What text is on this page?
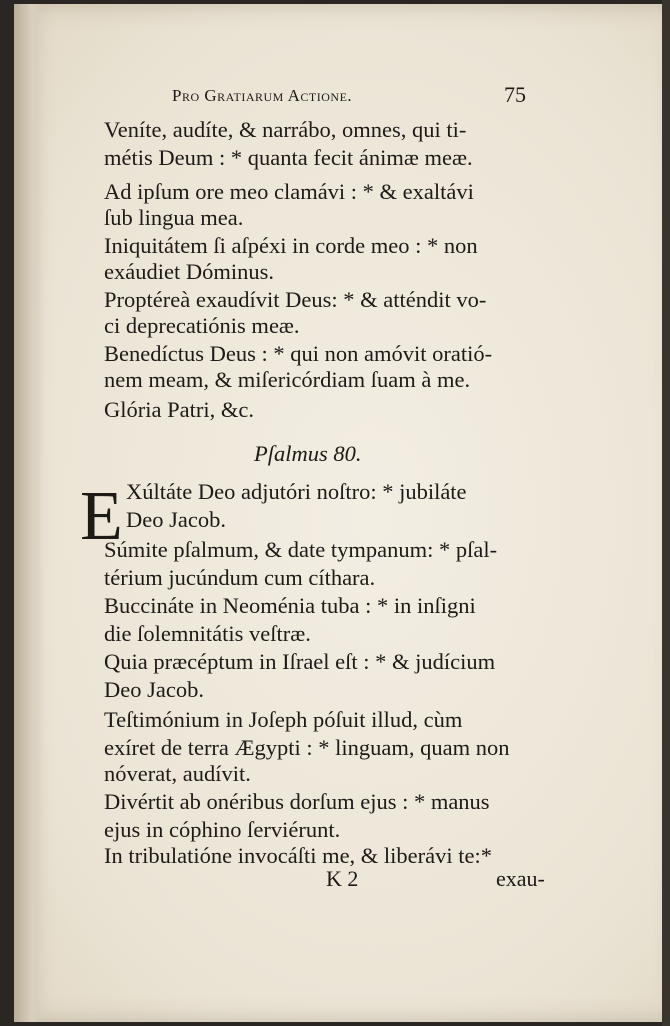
Pro Gratiarum Actione.	75
Veníte, audíte, & narrábo, omnes, qui ti-
métis Deum : * quanta fecit ánimæ meæ.
Ad ipſum ore meo clamávi : * & exaltávi
ſub lingua mea.
Iniquitátem ſi aſpéxi in corde meo : * non
exáudiet Dóminus.
Proptéreà exaudívit Deus: * & atténdit vo-
ci deprecatiónis meæ.
Benedíctus Deus : * qui non amóvit oratió-
nem meam, & miſericórdiam ſuam à me.
Glória Patri, &c.
Pſalmus 80.
E Xúltáte Deo adjutóri noſtro: * jubiláte
Deo Jacob.
Súmite pſalmum, & date tympanum: * pſal-
térium jucúndum cum cíthara.
Buccináte in Neoménia tuba : * in inſigni
die ſolemnitátis veſtræ.
Quia præcéptum in Iſrael eſt : * & judícium
Deo Jacob.
Teſtimónium in Joſeph póſuit illud, cùm
exíret de terra Ægypti : * linguam, quam non
nóverat, audívit.
Divértit ab onéribus dorſum ejus : * manus
ejus in cóphino ſerviérunt.
In tribulatióne invocáſti me, & liberávi te:*
K 2	exau-
